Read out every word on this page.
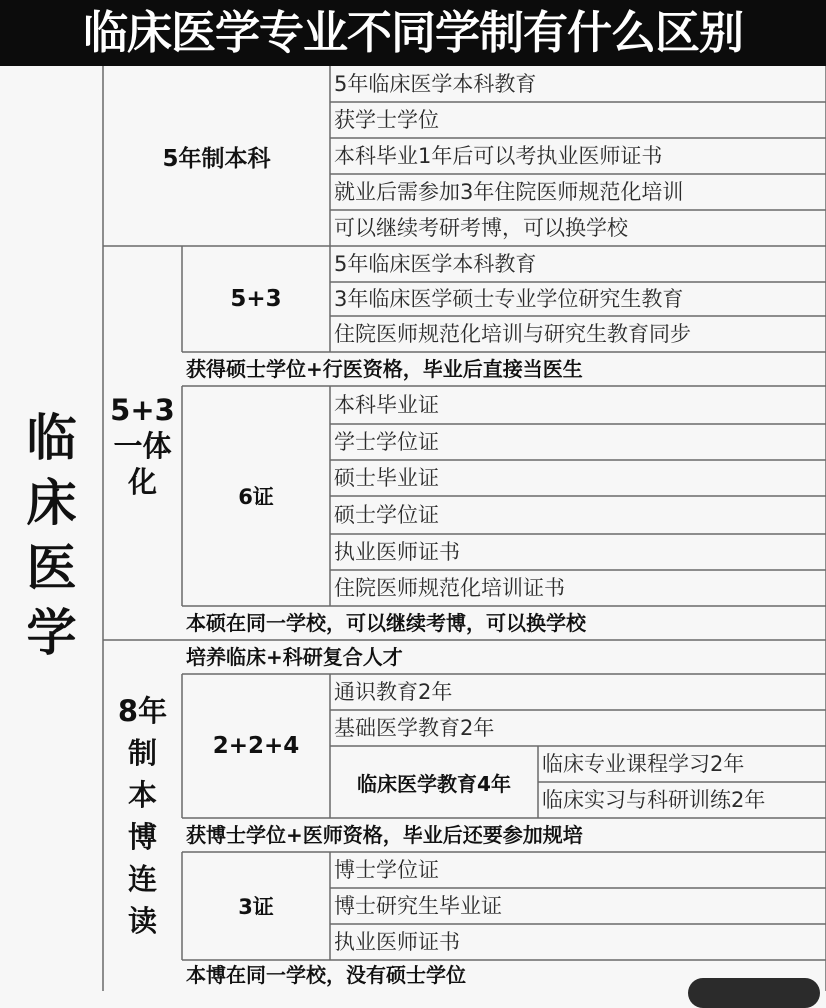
临床医学专业不同学制有什么区别
临床医学
5年制本科
5年临床医学本科教育
获学士学位
本科毕业1年后可以考执业医师证书
就业后需参加3年住院医师规范化培训
可以继续考研考博，可以换学校
5+3
一体
化
5+3
5年临床医学本科教育
3年临床医学硕士专业学位研究生教育
住院医师规范化培训与研究生教育同步
获得硕士学位+行医资格，毕业后直接当医生
6证
本科毕业证
学士学位证
硕士毕业证
硕士学位证
执业医师证书
住院医师规范化培训证书
本硕在同一学校，可以继续考博，可以换学校
8年
制
本
博
连
读
培养临床+科研复合人才
2+2+4
通识教育2年
基础医学教育2年
临床医学教育4年
临床专业课程学习2年
临床实习与科研训练2年
获博士学位+医师资格，毕业后还要参加规培
3证
博士学位证
博士研究生毕业证
执业医师证书
本博在同一学校，没有硕士学位
